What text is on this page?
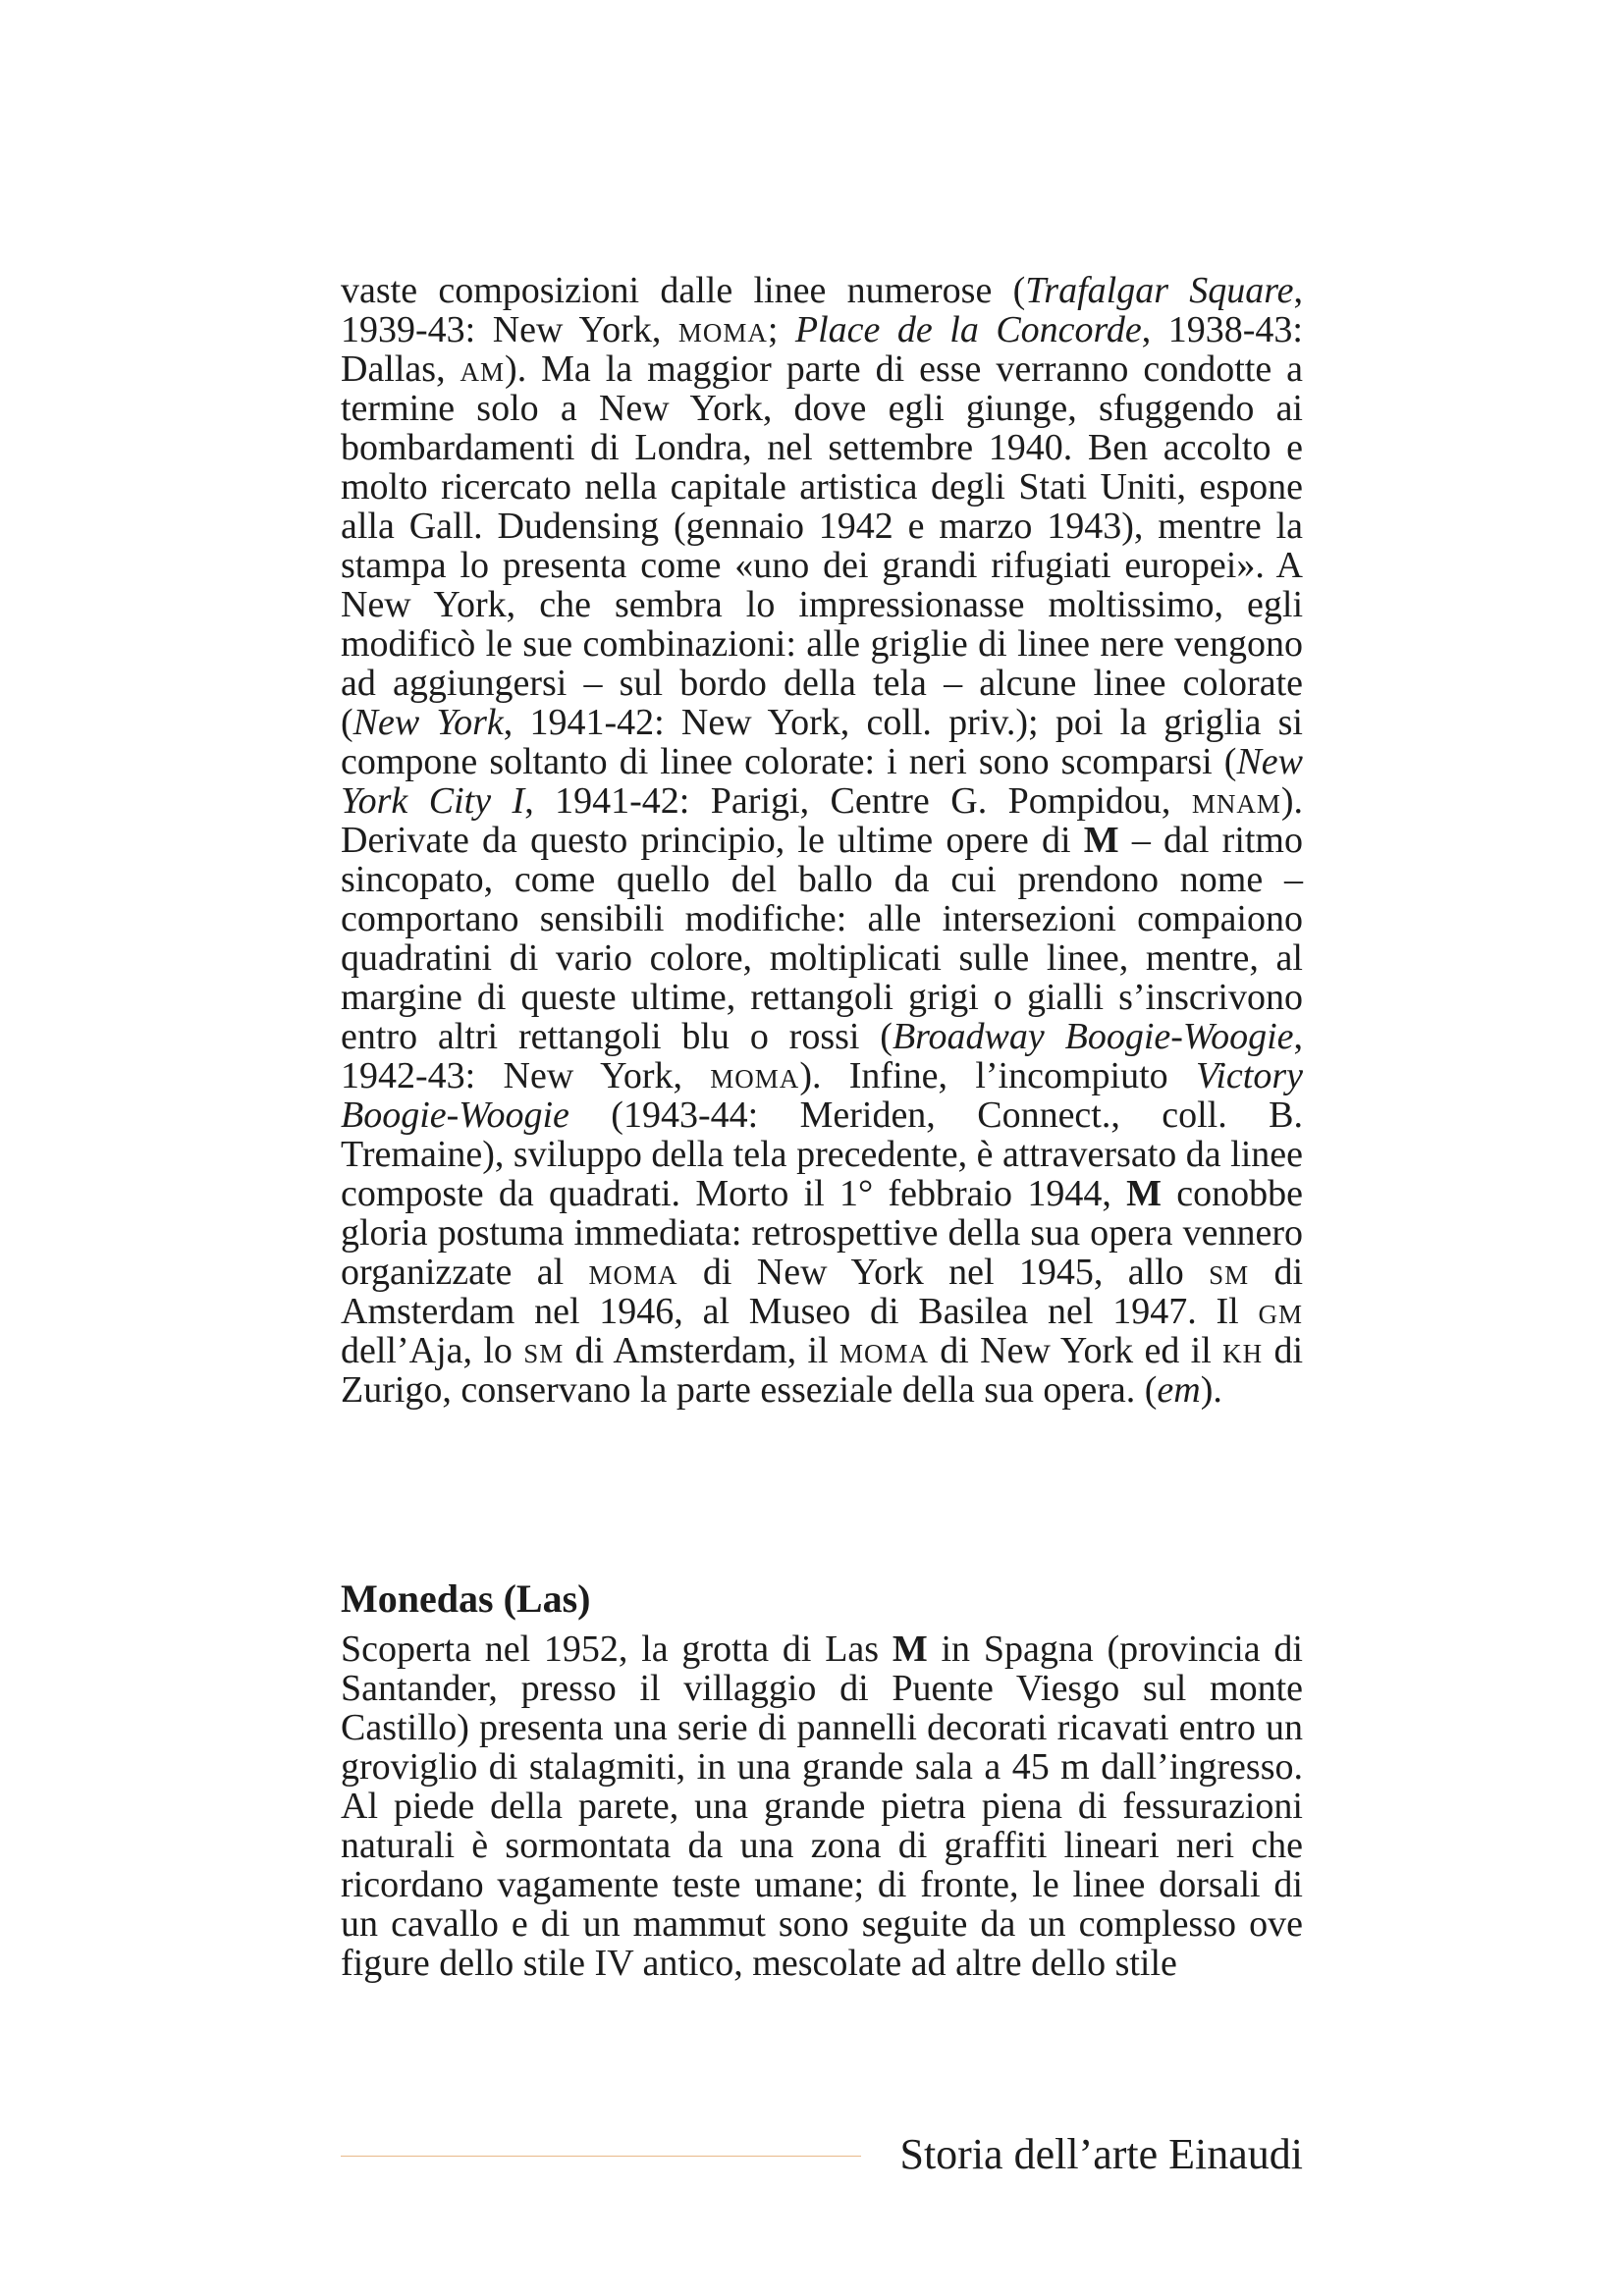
vaste composizioni dalle linee numerose (Trafalgar Square, 1939-43: New York, moma; Place de la Concorde, 1938-43: Dallas, am). Ma la maggior parte di esse verranno condotte a termine solo a New York, dove egli giunge, sfuggendo ai bombardamenti di Londra, nel settembre 1940. Ben accolto e molto ricercato nella capitale artistica degli Stati Uniti, espone alla Gall. Dudensing (gennaio 1942 e marzo 1943), mentre la stampa lo presenta come «uno dei grandi rifugiati europei». A New York, che sembra lo impressionasse moltissimo, egli modificò le sue combinazioni: alle griglie di linee nere vengono ad aggiungersi – sul bordo della tela – alcune linee colorate (New York, 1941-42: New York, coll. priv.); poi la griglia si compone soltanto di linee colorate: i neri sono scomparsi (New York City I, 1941-42: Parigi, Centre G. Pompidou, mnam). Derivate da questo principio, le ultime opere di M – dal ritmo sincopato, come quello del ballo da cui prendono nome – comportano sensibili modifiche: alle intersezioni compaiono quadratini di vario colore, moltiplicati sulle linee, mentre, al margine di queste ultime, rettangoli grigi o gialli s’inscrivono entro altri rettangoli blu o rossi (Broadway Boogie-Woogie, 1942-43: New York, moma). Infine, l’incompiuto Victory Boogie-Woogie (1943-44: Meriden, Connect., coll. B. Tremaine), sviluppo della tela precedente, è attraversato da linee composte da quadrati. Morto il 1° febbraio 1944, M conobbe gloria postuma immediata: retrospettive della sua opera vennero organizzate al moma di New York nel 1945, allo sm di Amsterdam nel 1946, al Museo di Basilea nel 1947. Il gm dell’Aja, lo sm di Amsterdam, il moma di New York ed il kh di Zurigo, conservano la parte esseziale della sua opera. (em).

Monedas (Las)

Scoperta nel 1952, la grotta di Las M in Spagna (provincia di Santander, presso il villaggio di Puente Viesgo sul monte Castillo) presenta una serie di pannelli decorati ricavati entro un groviglio di stalagmiti, in una grande sala a 45 m dall’ingresso. Al piede della parete, una grande pietra piena di fessurazioni naturali è sormontata da una zona di graffiti lineari neri che ricordano vagamente teste umane; di fronte, le linee dorsali di un cavallo e di un mammut sono seguite da un complesso ove figure dello stile IV antico, mescolate ad altre dello stile

Storia dell’arte Einaudi
